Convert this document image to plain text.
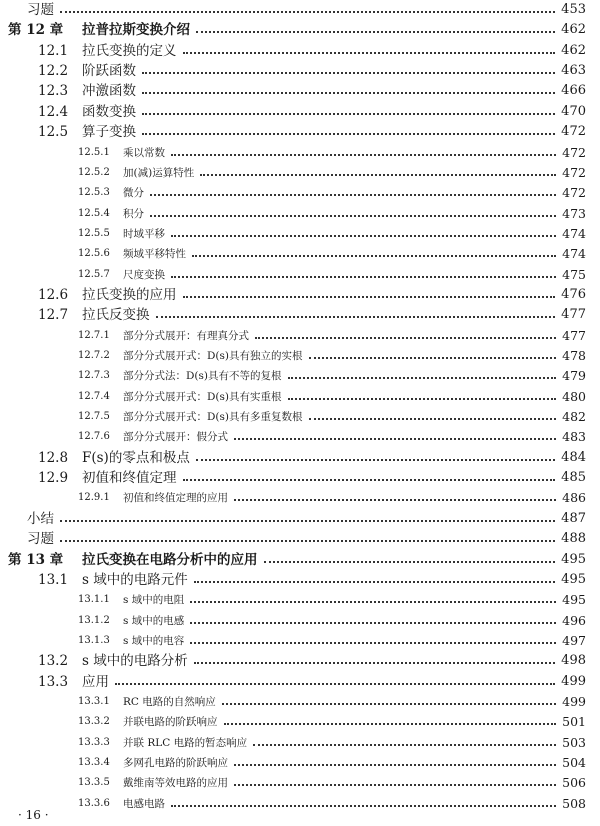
习题	453
第 12 章 拉普拉斯变换介绍	462
12.1 拉氏变换的定义	462
12.2 阶跃函数	463
12.3 冲激函数	466
12.4 函数变换	470
12.5 算子变换	472
12.5.1 乘以常数	472
12.5.2 加(减)运算特性	472
12.5.3 微分	472
12.5.4 积分	473
12.5.5 时域平移	474
12.5.6 频域平移特性	474
12.5.7 尺度变换	475
12.6 拉氏变换的应用	476
12.7 拉氏反变换	477
12.7.1 部分分式展开：有理真分式	477
12.7.2 部分分式展开式：D(s)具有独立的实根	478
12.7.3 部分分式法：D(s)具有不等的复根	479
12.7.4 部分分式展开式：D(s)具有实重根	480
12.7.5 部分分式展开式：D(s)具有多重复数根	482
12.7.6 部分分式展开：假分式	483
12.8 F(s)的零点和极点	484
12.9 初值和终值定理	485
12.9.1 初值和终值定理的应用	486
小结	487
习题	488
第 13 章 拉氏变换在电路分析中的应用	495
13.1 s 域中的电路元件	495
13.1.1 s 域中的电阻	495
13.1.2 s 域中的电感	496
13.1.3 s 域中的电容	497
13.2 s 域中的电路分析	498
13.3 应用	499
13.3.1 RC 电路的自然响应	499
13.3.2 并联电路的阶跃响应	501
13.3.3 并联 RLC 电路的暂态响应	503
13.3.4 多网孔电路的阶跃响应	504
13.3.5 戴维南等效电路的应用	506
13.3.6 电感电路	508
· 16 ·
